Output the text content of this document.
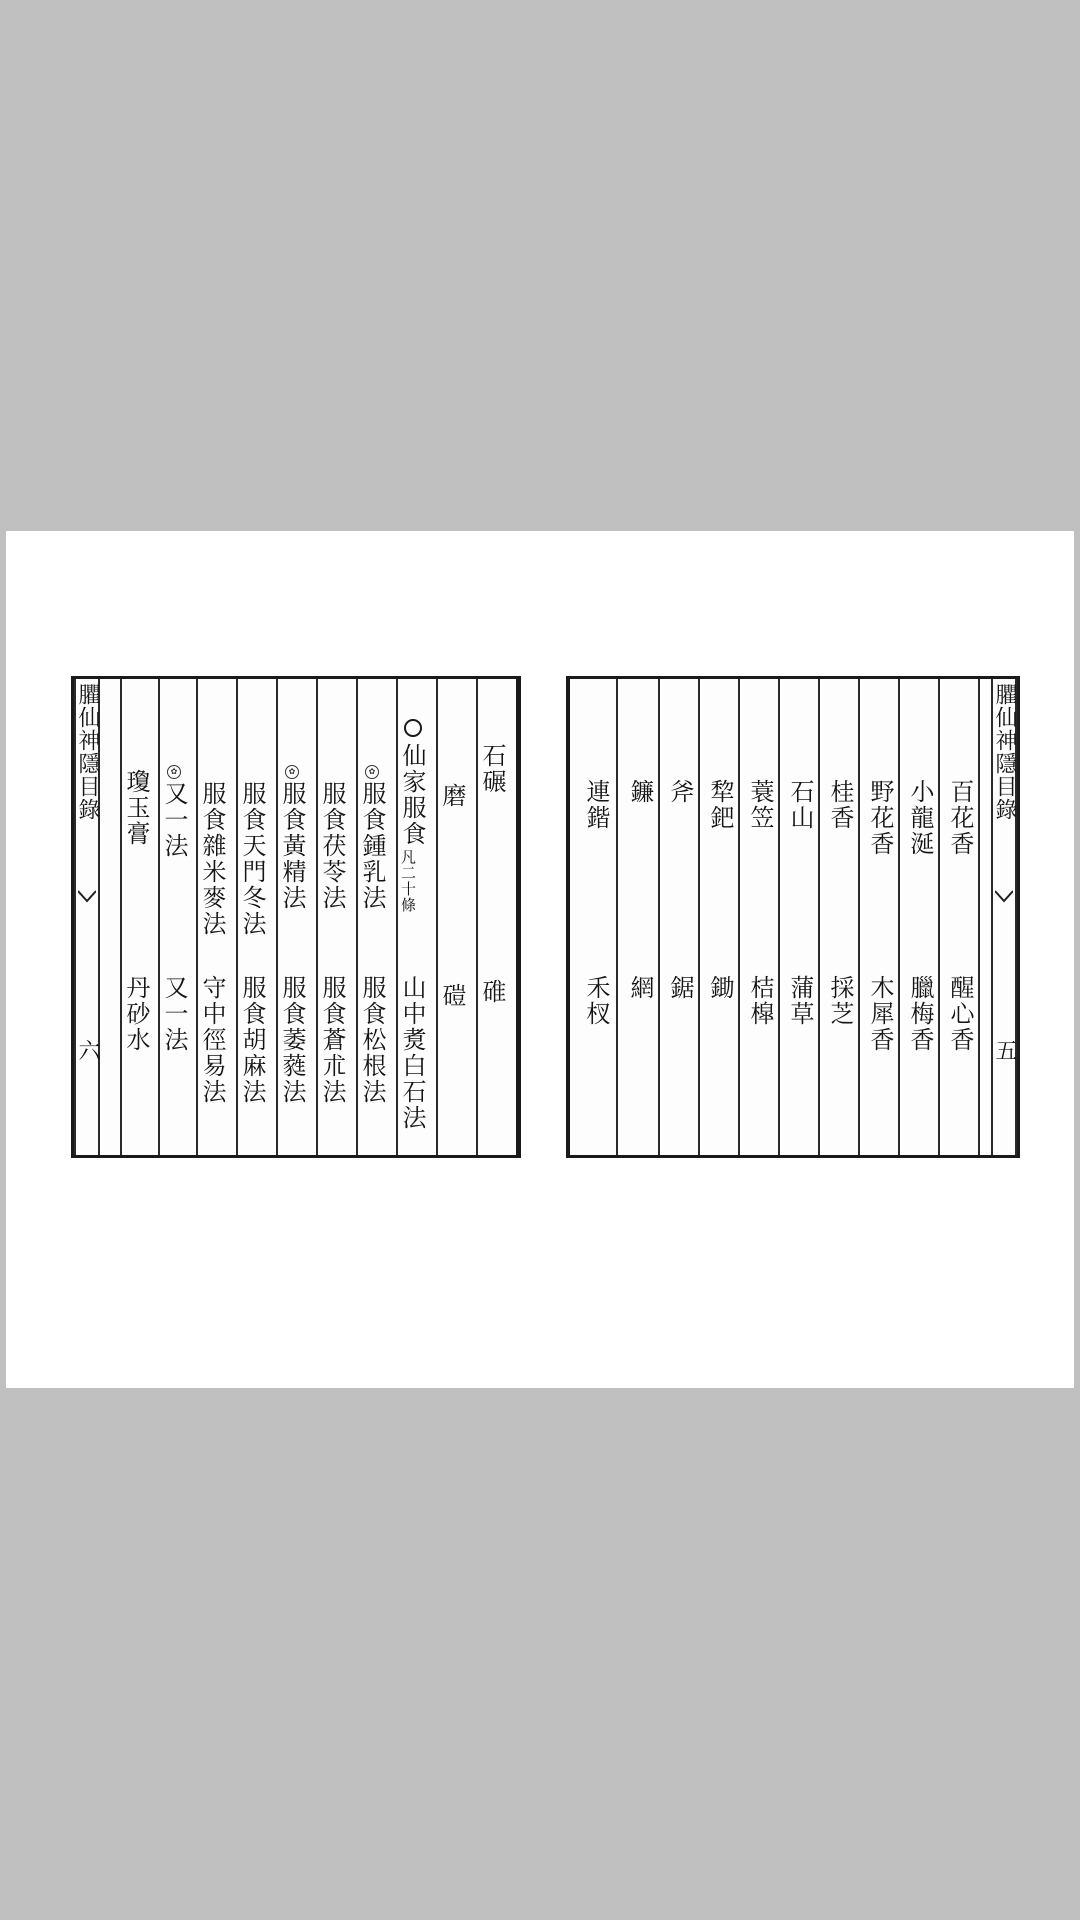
臞仙神隱目錄
六
石碾
碓
磨
磑
仙家服食
凡二十條
山中煑白石法
服食鍾乳法
服食松根法
✿
服食茯苓法
服食蒼朮法
✿
服食黃精法
服食萎蕤法
服食天門冬法
服食胡麻法
服食雜米麥法
守中徑易法
✿
又一法
又一法
瓊玉膏
丹砂水
臞仙神隱目錄
五
百花香
醒心香
小龍涎
臘梅香
野花香
木犀香
桂香
採芝
石山
蒲草
蓑笠
桔槹
犂鈀
鋤
斧
鋸
鐮
網
連鍇
禾杈
